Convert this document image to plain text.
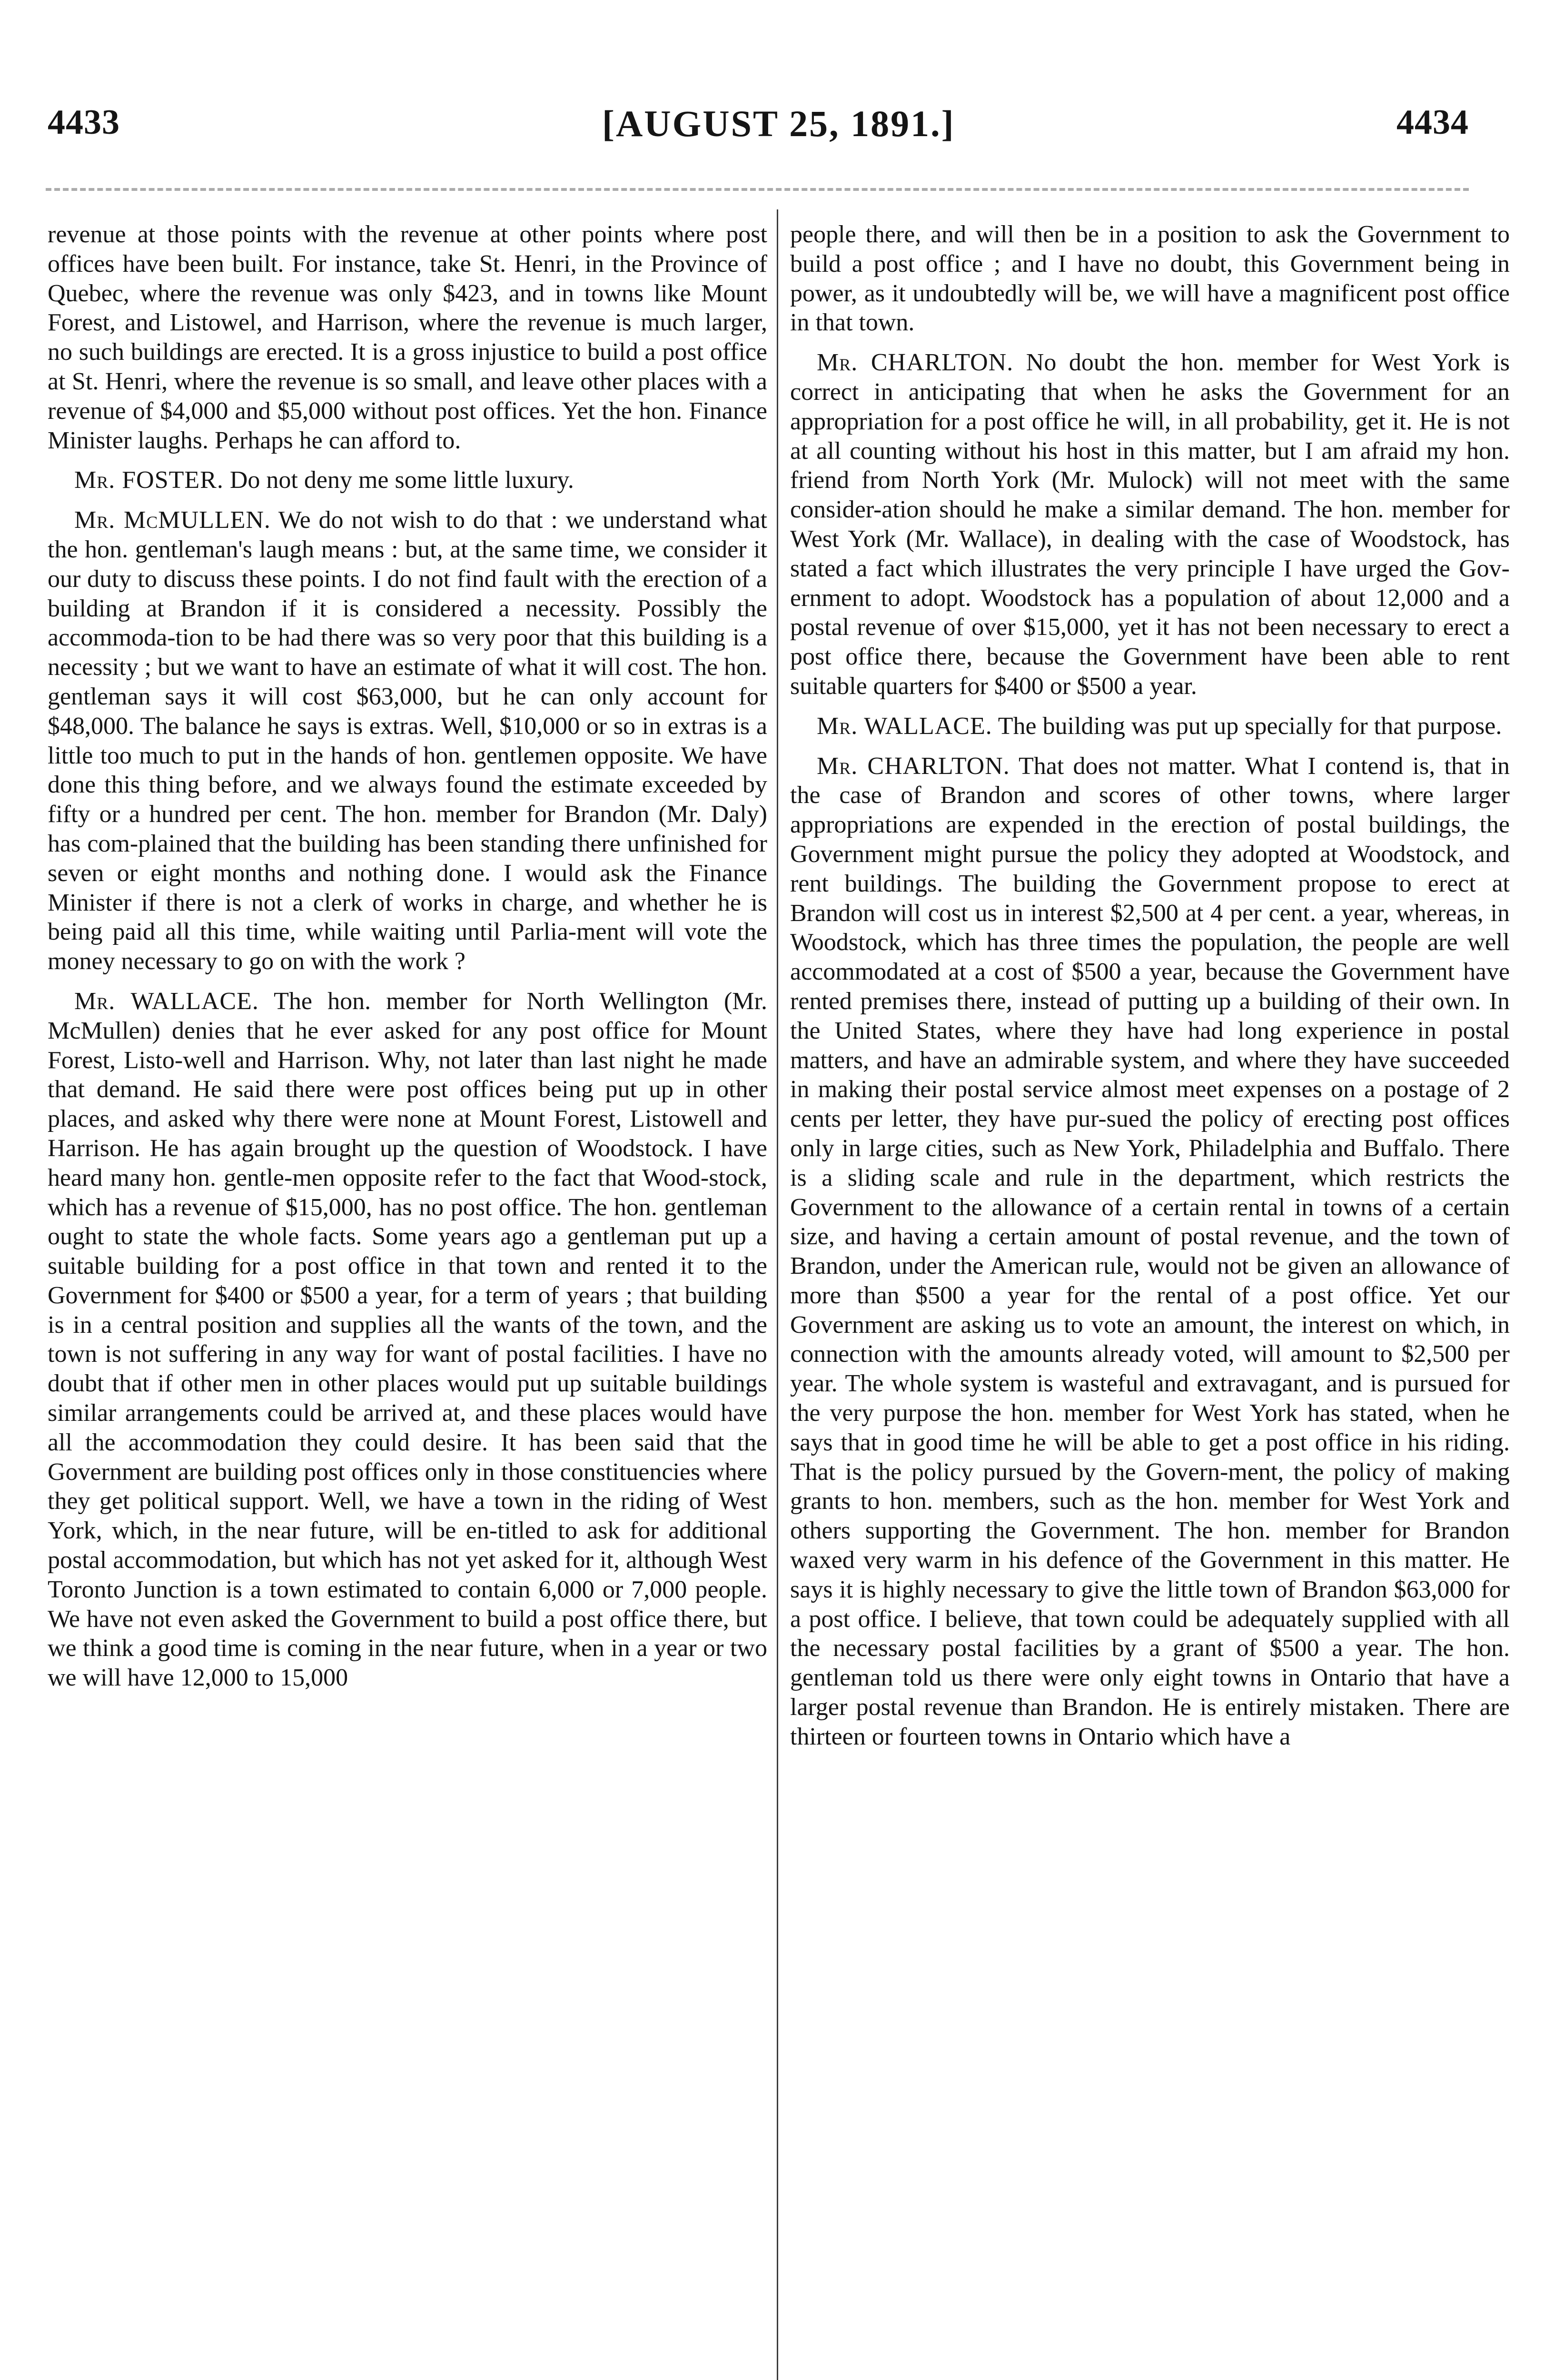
4433	[AUGUST 25, 1891.]	4434

revenue at those points with the revenue at other points where post offices have been built. For instance, take St. Henri, in the Province of Quebec, where the revenue was only $423, and in towns like Mount Forest, and Listowel, and Harrison, where the revenue is much larger, no such buildings are erected. It is a gross injustice to build a post office at St. Henri, where the revenue is so small, and leave other places with a revenue of $4,000 and $5,000 without post offices. Yet the hon. Finance Minister laughs. Perhaps he can afford to.

Mr. FOSTER. Do not deny me some little luxury.

Mr. McMULLEN. We do not wish to do that : we understand what the hon. gentleman's laugh means : but, at the same time, we consider it our duty to discuss these points. I do not find fault with the erection of a building at Brandon if it is considered a necessity. Possibly the accommoda-tion to be had there was so very poor that this building is a necessity ; but we want to have an estimate of what it will cost. The hon. gentleman says it will cost $63,000, but he can only account for $48,000. The balance he says is extras. Well, $10,000 or so in extras is a little too much to put in the hands of hon. gentlemen opposite. We have done this thing before, and we always found the estimate exceeded by fifty or a hundred per cent. The hon. member for Brandon (Mr. Daly) has com-plained that the building has been standing there unfinished for seven or eight months and nothing done. I would ask the Finance Minister if there is not a clerk of works in charge, and whether he is being paid all this time, while waiting until Parlia-ment will vote the money necessary to go on with the work ?

Mr. WALLACE. The hon. member for North Wellington (Mr. McMullen) denies that he ever asked for any post office for Mount Forest, Listo-well and Harrison. Why, not later than last night he made that demand. He said there were post offices being put up in other places, and asked why there were none at Mount Forest, Listowell and Harrison. He has again brought up the question of Woodstock. I have heard many hon. gentle-men opposite refer to the fact that Wood-stock, which has a revenue of $15,000, has no post office. The hon. gentleman ought to state the whole facts. Some years ago a gentleman put up a suitable building for a post office in that town and rented it to the Government for $400 or $500 a year, for a term of years ; that building is in a central position and supplies all the wants of the town, and the town is not suffering in any way for want of postal facilities. I have no doubt that if other men in other places would put up suitable buildings similar arrangements could be arrived at, and these places would have all the accommodation they could desire. It has been said that the Government are building post offices only in those constituencies where they get political support. Well, we have a town in the riding of West York, which, in the near future, will be en-titled to ask for additional postal accommodation, but which has not yet asked for it, although West Toronto Junction is a town estimated to contain 6,000 or 7,000 people. We have not even asked the Government to build a post office there, but we think a good time is coming in the near future, when in a year or two we will have 12,000 to 15,000

people there, and will then be in a position to ask the Government to build a post office ; and I have no doubt, this Government being in power, as it undoubtedly will be, we will have a magnificent post office in that town.

Mr. CHARLTON. No doubt the hon. member for West York is correct in anticipating that when he asks the Government for an appropriation for a post office he will, in all probability, get it. He is not at all counting without his host in this matter, but I am afraid my hon. friend from North York (Mr. Mulock) will not meet with the same consider-ation should he make a similar demand. The hon. member for West York (Mr. Wallace), in dealing with the case of Woodstock, has stated a fact which illustrates the very principle I have urged the Gov-ernment to adopt. Woodstock has a population of about 12,000 and a postal revenue of over $15,000, yet it has not been necessary to erect a post office there, because the Government have been able to rent suitable quarters for $400 or $500 a year.

Mr. WALLACE. The building was put up specially for that purpose.

Mr. CHARLTON. That does not matter. What I contend is, that in the case of Brandon and scores of other towns, where larger appropriations are expended in the erection of postal buildings, the Government might pursue the policy they adopted at Woodstock, and rent buildings. The building the Government propose to erect at Brandon will cost us in interest $2,500 at 4 per cent. a year, whereas, in Woodstock, which has three times the population, the people are well accommodated at a cost of $500 a year, because the Government have rented premises there, instead of putting up a building of their own. In the United States, where they have had long experience in postal matters, and have an admirable system, and where they have succeeded in making their postal service almost meet expenses on a postage of 2 cents per letter, they have pur-sued the policy of erecting post offices only in large cities, such as New York, Philadelphia and Buffalo. There is a sliding scale and rule in the department, which restricts the Government to the allowance of a certain rental in towns of a certain size, and having a certain amount of postal revenue, and the town of Brandon, under the American rule, would not be given an allowance of more than $500 a year for the rental of a post office. Yet our Government are asking us to vote an amount, the interest on which, in connection with the amounts already voted, will amount to $2,500 per year. The whole system is wasteful and extravagant, and is pursued for the very purpose the hon. member for West York has stated, when he says that in good time he will be able to get a post office in his riding. That is the policy pursued by the Govern-ment, the policy of making grants to hon. members, such as the hon. member for West York and others supporting the Government. The hon. member for Brandon waxed very warm in his defence of the Government in this matter. He says it is highly necessary to give the little town of Brandon $63,000 for a post office. I believe, that town could be adequately supplied with all the necessary postal facilities by a grant of $500 a year. The hon. gentleman told us there were only eight towns in Ontario that have a larger postal revenue than Brandon. He is entirely mistaken. There are thirteen or fourteen towns in Ontario which have a
